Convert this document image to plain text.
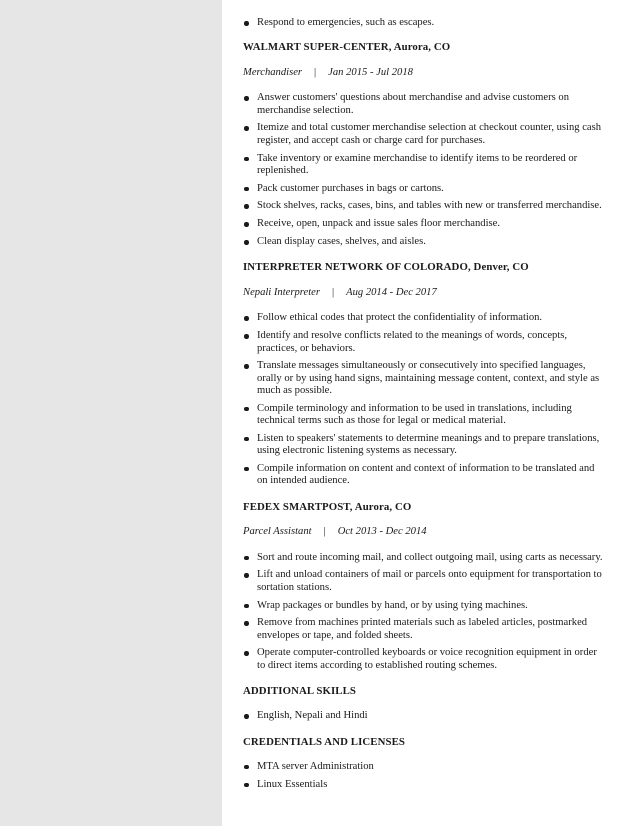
Respond to emergencies, such as escapes.
WALMART SUPER-CENTER, Aurora, CO
Merchandiser | Jan 2015 - Jul 2018
Answer customers' questions about merchandise and advise customers on merchandise selection.
Itemize and total customer merchandise selection at checkout counter, using cash register, and accept cash or charge card for purchases.
Take inventory or examine merchandise to identify items to be reordered or replenished.
Pack customer purchases in bags or cartons.
Stock shelves, racks, cases, bins, and tables with new or transferred merchandise.
Receive, open, unpack and issue sales floor merchandise.
Clean display cases, shelves, and aisles.
INTERPRETER NETWORK OF COLORADO, Denver, CO
Nepali Interpreter | Aug 2014 - Dec 2017
Follow ethical codes that protect the confidentiality of information.
Identify and resolve conflicts related to the meanings of words, concepts, practices, or behaviors.
Translate messages simultaneously or consecutively into specified languages, orally or by using hand signs, maintaining message content, context, and style as much as possible.
Compile terminology and information to be used in translations, including technical terms such as those for legal or medical material.
Listen to speakers' statements to determine meanings and to prepare translations, using electronic listening systems as necessary.
Compile information on content and context of information to be translated and on intended audience.
FEDEX SMARTPOST, Aurora, CO
Parcel Assistant | Oct 2013 - Dec 2014
Sort and route incoming mail, and collect outgoing mail, using carts as necessary.
Lift and unload containers of mail or parcels onto equipment for transportation to sortation stations.
Wrap packages or bundles by hand, or by using tying machines.
Remove from machines printed materials such as labeled articles, postmarked envelopes or tape, and folded sheets.
Operate computer-controlled keyboards or voice recognition equipment in order to direct items according to established routing schemes.
ADDITIONAL SKILLS
English, Nepali and Hindi
CREDENTIALS AND LICENSES
MTA server Administration
Linux Essentials
